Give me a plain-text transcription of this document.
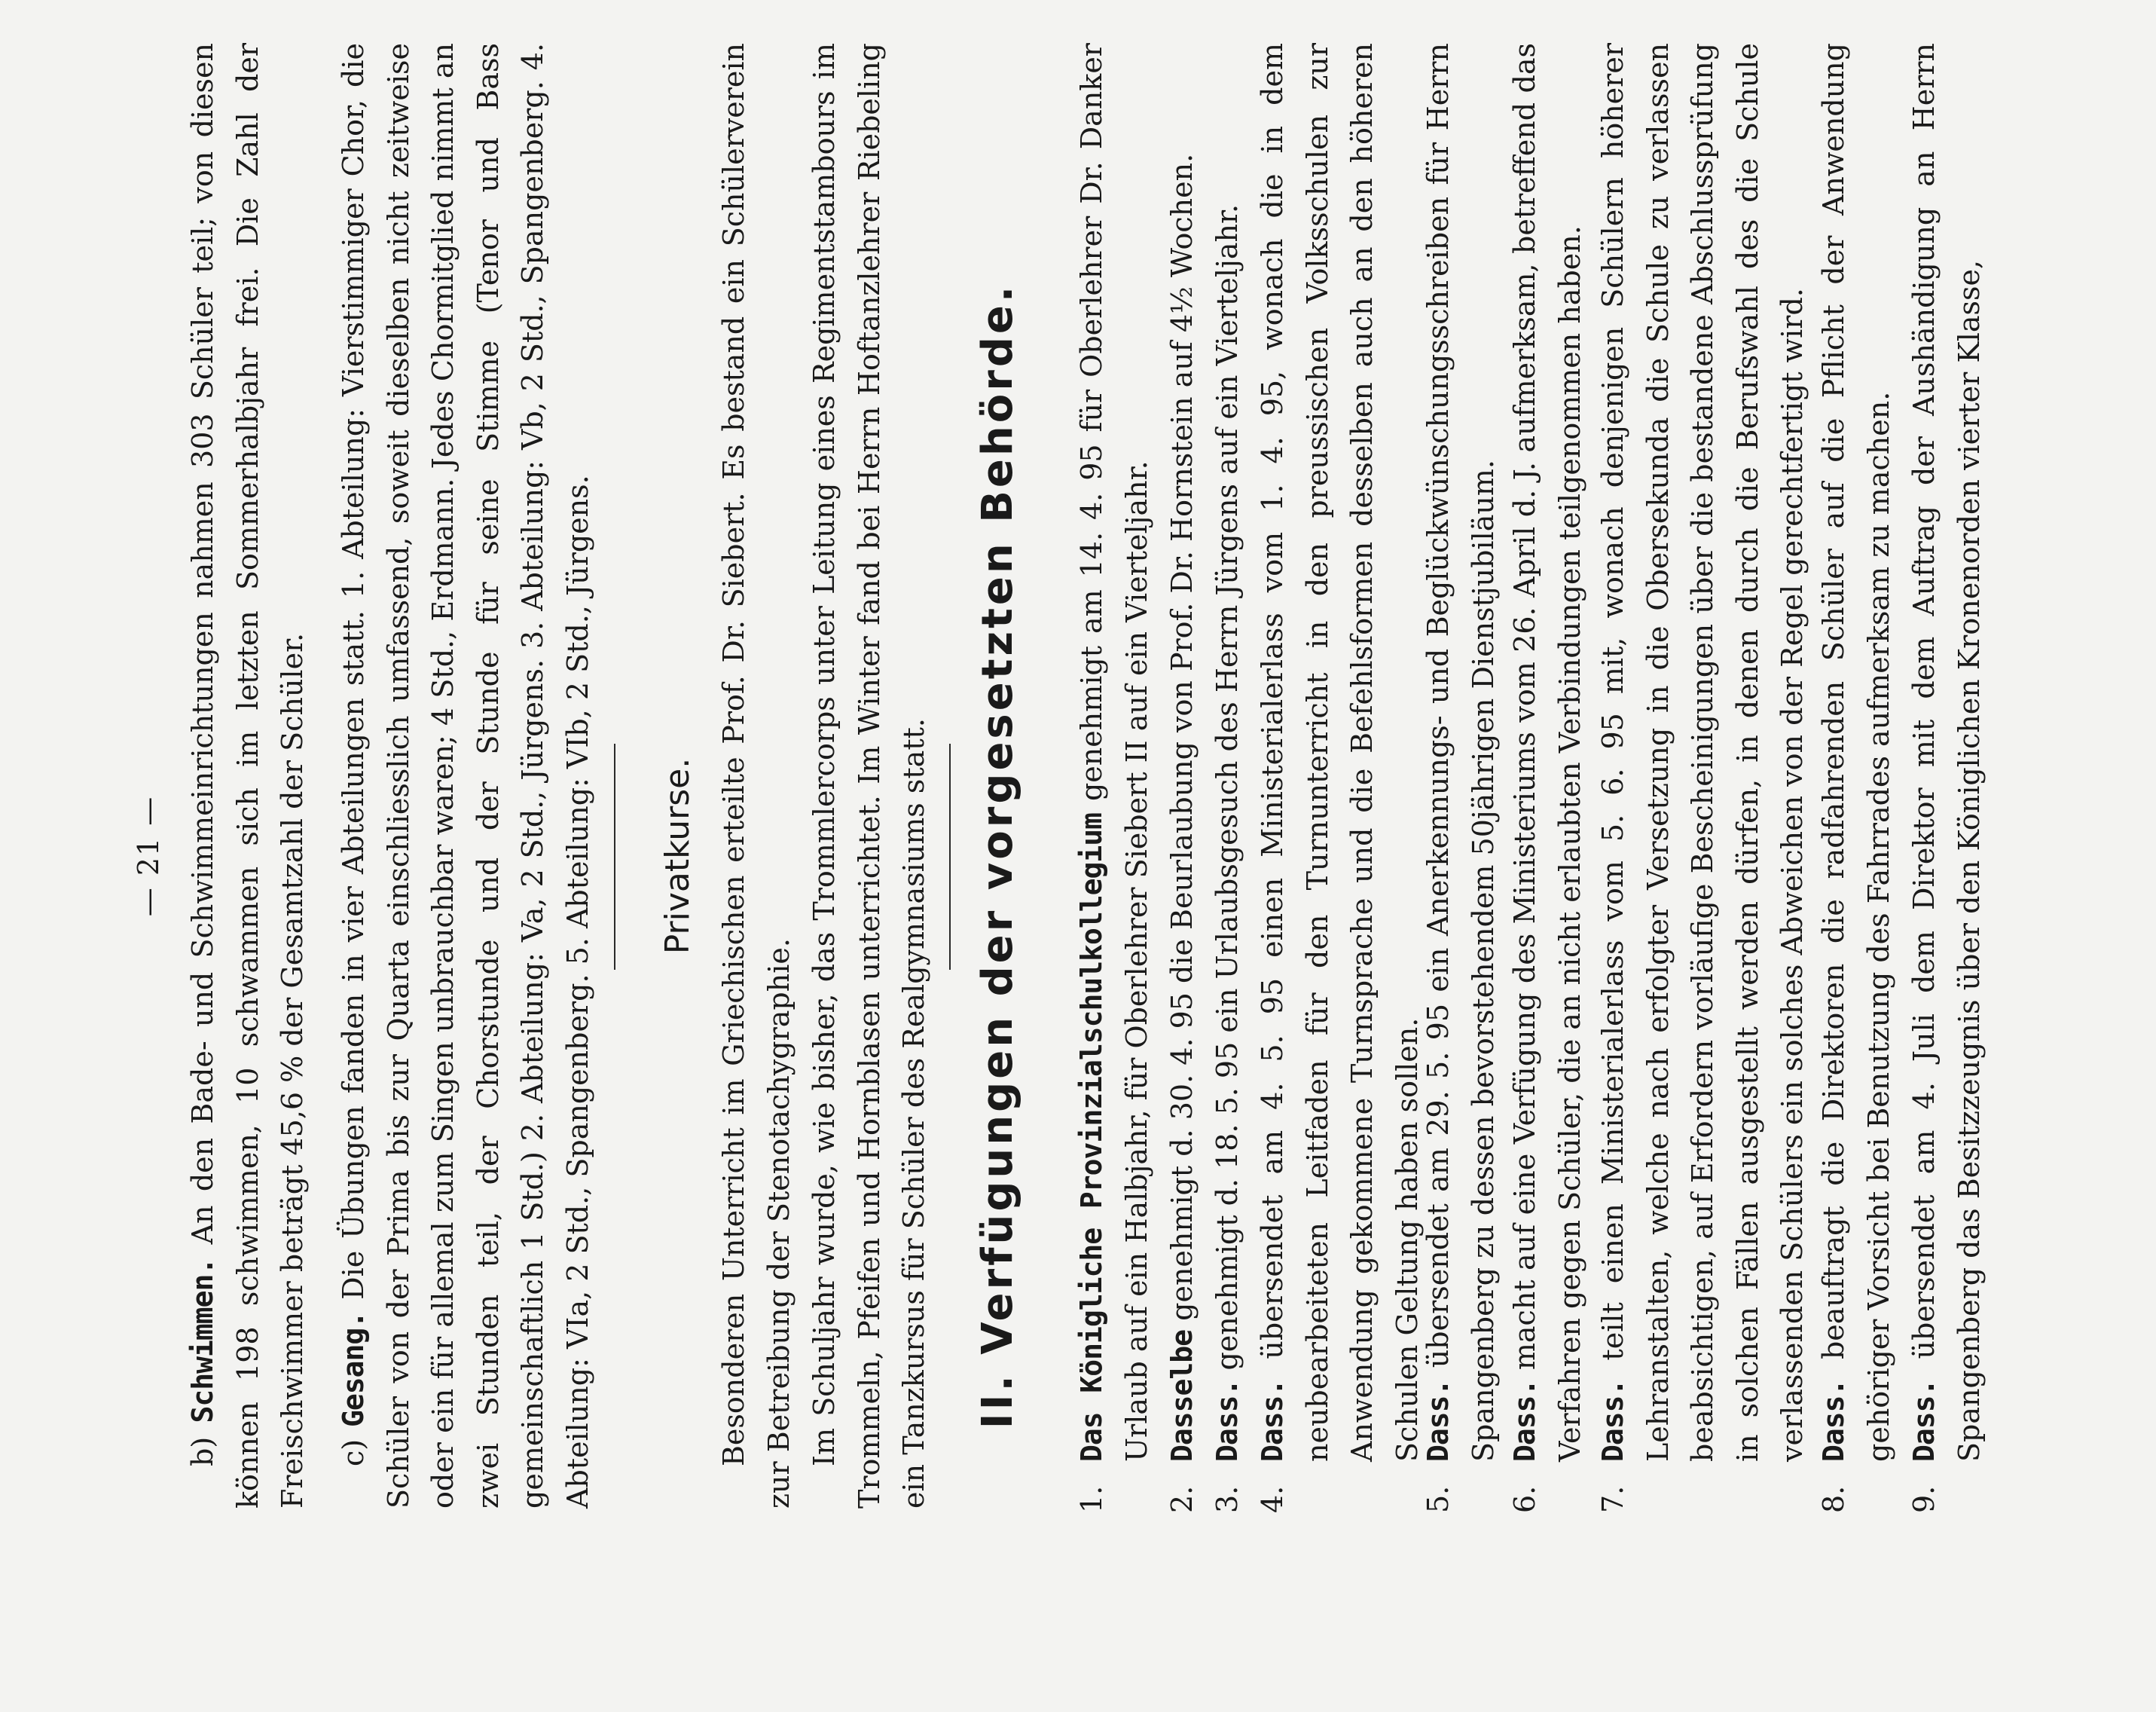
— 21 —

b) Schwimmen. An den Bade- und Schwimmeinrichtungen nahmen 303 Schüler teil; von diesen können 198 schwimmen, 10 schwammen sich im letzten Sommerhalbjahr frei. Die Zahl der Freischwimmer beträgt 45,6 % der Gesamtzahl der Schüler. c) Gesang. Die Übungen fanden in vier Abteilungen statt. 1. Abteilung: Vierstimmiger Chor, die Schüler von der Prima bis zur Quarta einschliesslich umfassend, soweit dieselben nicht zeitweise oder ein für allemal zum Singen unbrauchbar waren; 4 Std., Erdmann. Jedes Chormitglied nimmt an zwei Stunden teil, der Chorstunde und der Stunde für seine Stimme (Tenor und Bass gemeinschaftlich 1 Std.) 2. Abteilung: Va, 2 Std., Jürgens. 3. Abteilung: Vb, 2 Std., Spangenberg. 4. Abteilung: VIa, 2 Std., Spangenberg. 5. Abteilung: VIb, 2 Std., Jürgens. Privatkurse. Besonderen Unterricht im Griechischen erteilte Prof. Dr. Siebert. Es bestand ein Schülerverein zur Betreibung der Stenotachygraphie. Im Schuljahr wurde, wie bisher, das Trommlercorps unter Leitung eines Regimentstambours im Trommeln, Pfeifen und Hornblasen unterrichtet. Im Winter fand bei Herrn Hoftanzlehrer Riebeling ein Tanzkursus für Schüler des Realgymnasiums statt. II. Verfügungen der vorgesetzten Behörde.
1.
Das Königliche Provinzialschulkollegium genehmigt am 14. 4. 95 für Oberlehrer Dr. Danker Urlaub auf ein Halbjahr, für Oberlehrer Siebert II auf ein Vierteljahr.
2.
Dasselbe genehmigt d. 30. 4. 95 die Beurlaubung von Prof. Dr. Hornstein auf 4½ Wochen.
3.
Dass. genehmigt d. 18. 5. 95 ein Urlaubsgesuch des Herrn Jürgens auf ein Vierteljahr.
4.
Dass. übersendet am 4. 5. 95 einen Ministerialerlass vom 1. 4. 95, wonach die in dem neubearbeiteten Leitfaden für den Turnunterricht in den preussischen Volksschulen zur Anwendung gekommene Turnsprache und die Befehlsformen desselben auch an den höheren Schulen Geltung haben sollen.
5.
Dass. übersendet am 29. 5. 95 ein Anerkennungs- und Beglückwünschungsschreiben für Herrn Spangenberg zu dessen bevorstehendem 50jährigen Dienstjubiläum.
6.
Dass. macht auf eine Verfügung des Ministeriums vom 26. April d. J. aufmerksam, betreffend das Verfahren gegen Schüler, die an nicht erlaubten Verbindungen teilgenommen haben.
7.
Dass. teilt einen Ministerialerlass vom 5. 6. 95 mit, wonach denjenigen Schülern höherer Lehranstalten, welche nach erfolgter Versetzung in die Obersekunda die Schule zu verlassen beabsichtigen, auf Erfordern vorläufige Bescheinigungen über die bestandene Abschlussprüfung in solchen Fällen ausgestellt werden dürfen, in denen durch die Berufswahl des die Schule verlassenden Schülers ein solches Abweichen von der Regel gerechtfertigt wird.
8.
Dass. beauftragt die Direktoren die radfahrenden Schüler auf die Pflicht der Anwendung gehöriger Vorsicht bei Benutzung des Fahrrades aufmerksam zu machen.
9.
Dass. übersendet am 4. Juli dem Direktor mit dem Auftrag der Aushändigung an Herrn Spangenberg das Besitzzeugnis über den Königlichen Kronenorden vierter Klasse,
